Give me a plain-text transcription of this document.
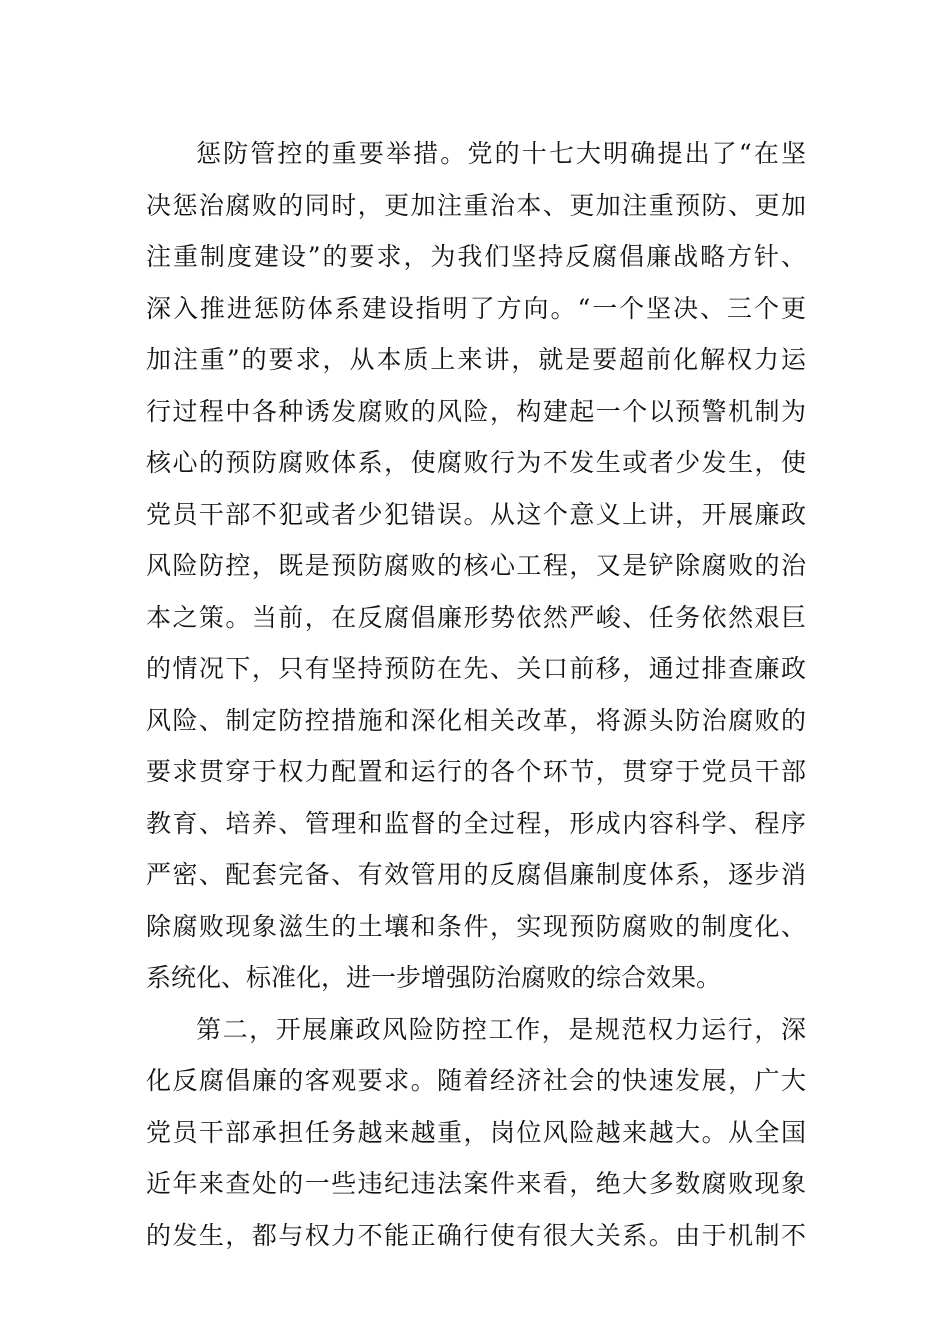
惩防管控的重要举措。党的十七大明确提出了“在坚
决惩治腐败的同时，更加注重治本、更加注重预防、更加
注重制度建设”的要求，为我们坚持反腐倡廉战略方针、
深入推进惩防体系建设指明了方向。“一个坚决、三个更
加注重”的要求，从本质上来讲，就是要超前化解权力运
行过程中各种诱发腐败的风险，构建起一个以预警机制为
核心的预防腐败体系，使腐败行为不发生或者少发生，使
党员干部不犯或者少犯错误。从这个意义上讲，开展廉政
风险防控，既是预防腐败的核心工程，又是铲除腐败的治
本之策。当前，在反腐倡廉形势依然严峻、任务依然艰巨
的情况下，只有坚持预防在先、关口前移，通过排查廉政
风险、制定防控措施和深化相关改革，将源头防治腐败的
要求贯穿于权力配置和运行的各个环节，贯穿于党员干部
教育、培养、管理和监督的全过程，形成内容科学、程序
严密、配套完备、有效管用的反腐倡廉制度体系，逐步消
除腐败现象滋生的土壤和条件，实现预防腐败的制度化、
系统化、标准化，进一步增强防治腐败的综合效果。
第二，开展廉政风险防控工作，是规范权力运行，深
化反腐倡廉的客观要求。随着经济社会的快速发展，广大
党员干部承担任务越来越重，岗位风险越来越大。从全国
近年来查处的一些违纪违法案件来看，绝大多数腐败现象
的发生，都与权力不能正确行使有很大关系。由于机制不
